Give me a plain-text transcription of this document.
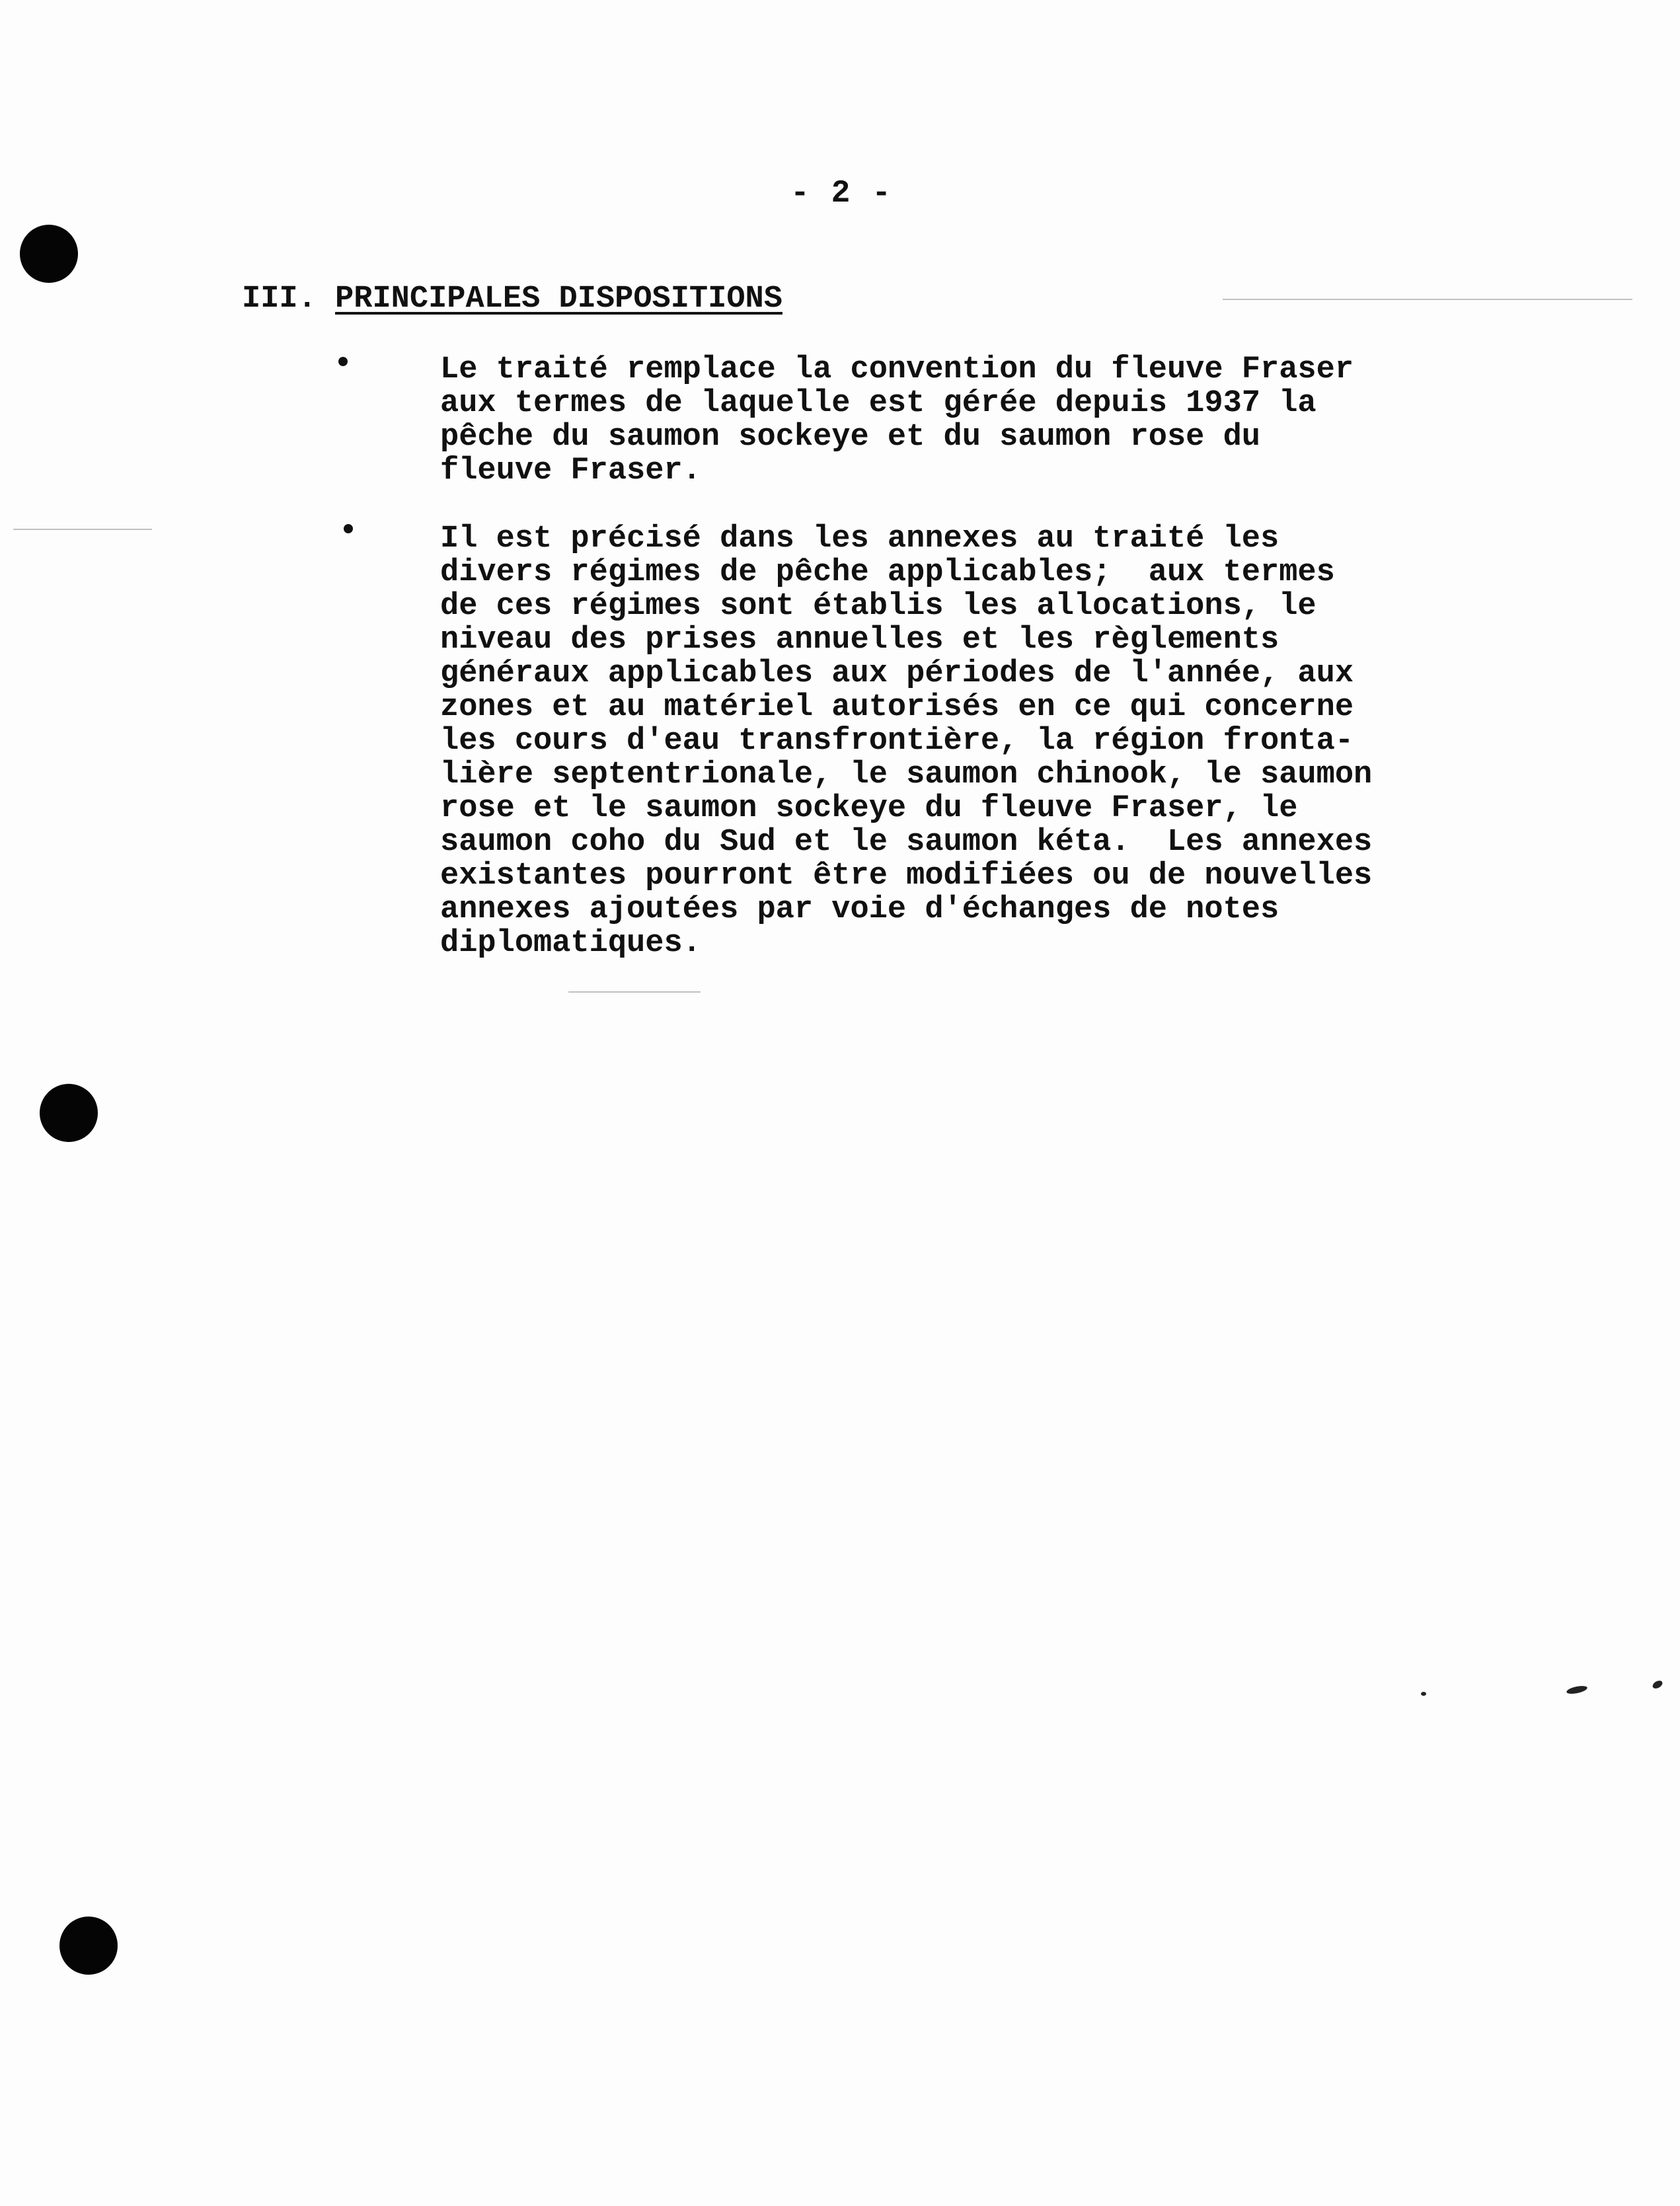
- 2 -
III. PRINCIPALES DISPOSITIONS
Le traité remplace la convention du fleuve Fraser
aux termes de laquelle est gérée depuis 1937 la
pêche du saumon sockeye et du saumon rose du
fleuve Fraser.
Il est précisé dans les annexes au traité les
divers régimes de pêche applicables;  aux termes
de ces régimes sont établis les allocations, le
niveau des prises annuelles et les règlements
généraux applicables aux périodes de l'année, aux
zones et au matériel autorisés en ce qui concerne
les cours d'eau transfrontière, la région fronta-
lière septentrionale, le saumon chinook, le saumon
rose et le saumon sockeye du fleuve Fraser, le
saumon coho du Sud et le saumon kéta.  Les annexes
existantes pourront être modifiées ou de nouvelles
annexes ajoutées par voie d'échanges de notes
diplomatiques.
